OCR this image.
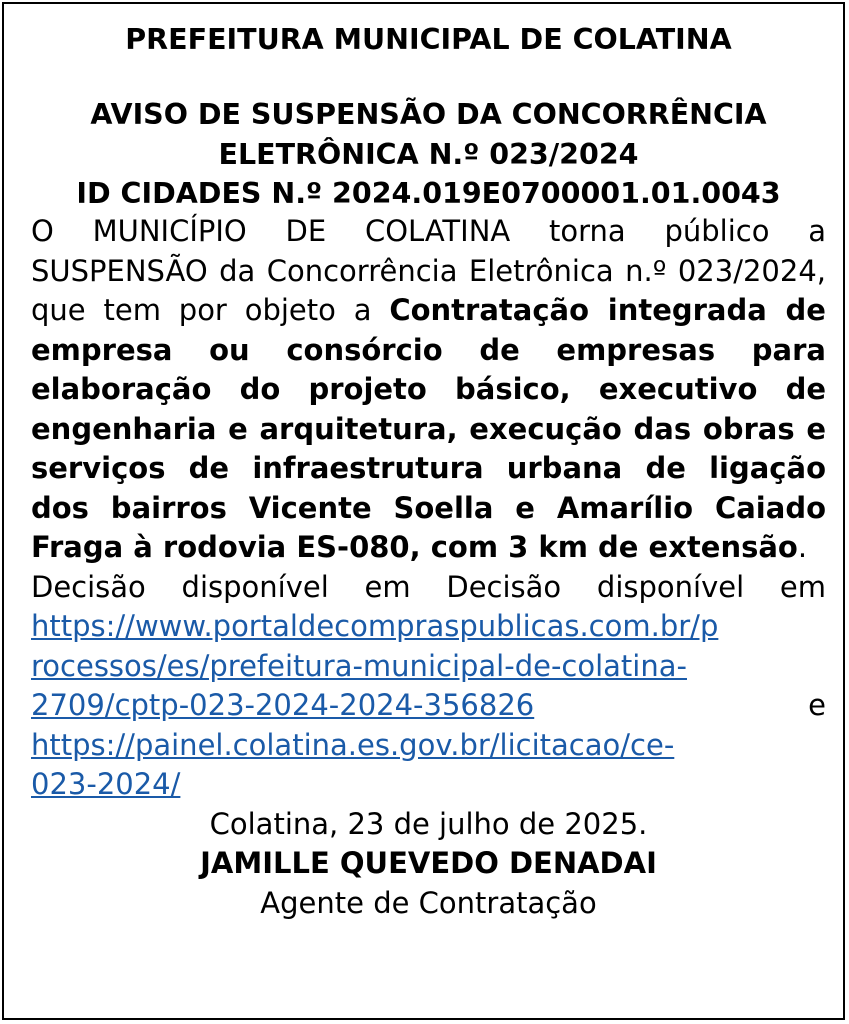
PREFEITURA MUNICIPAL DE COLATINA
AVISO DE SUSPENSÃO DA CONCORRÊNCIA
ELETRÔNICA N.º 023/2024
ID CIDADES N.º 2024.019E0700001.01.0043
O MUNICÍPIO DE COLATINA torna público a SUSPENSÃO da Concorrência Eletrônica n.º 023/2024, que tem por objeto a Contratação integrada de empresa ou consórcio de empresas para elaboração do projeto básico, executivo de engenharia e arquitetura, execução das obras e serviços de infraestrutura urbana de ligação dos bairros Vicente Soella e Amarílio Caiado Fraga à rodovia ES-080, com 3 km de extensão.
Decisão disponível em Decisão disponível em
https://www.portaldecompraspublicas.com.br/p
rocessos/es/prefeitura-municipal-de-colatina-
2709/cptp-023-2024-2024-356826	e
https://painel.colatina.es.gov.br/licitacao/ce-
023-2024/
Colatina, 23 de julho de 2025.
JAMILLE QUEVEDO DENADAI
Agente de Contratação
